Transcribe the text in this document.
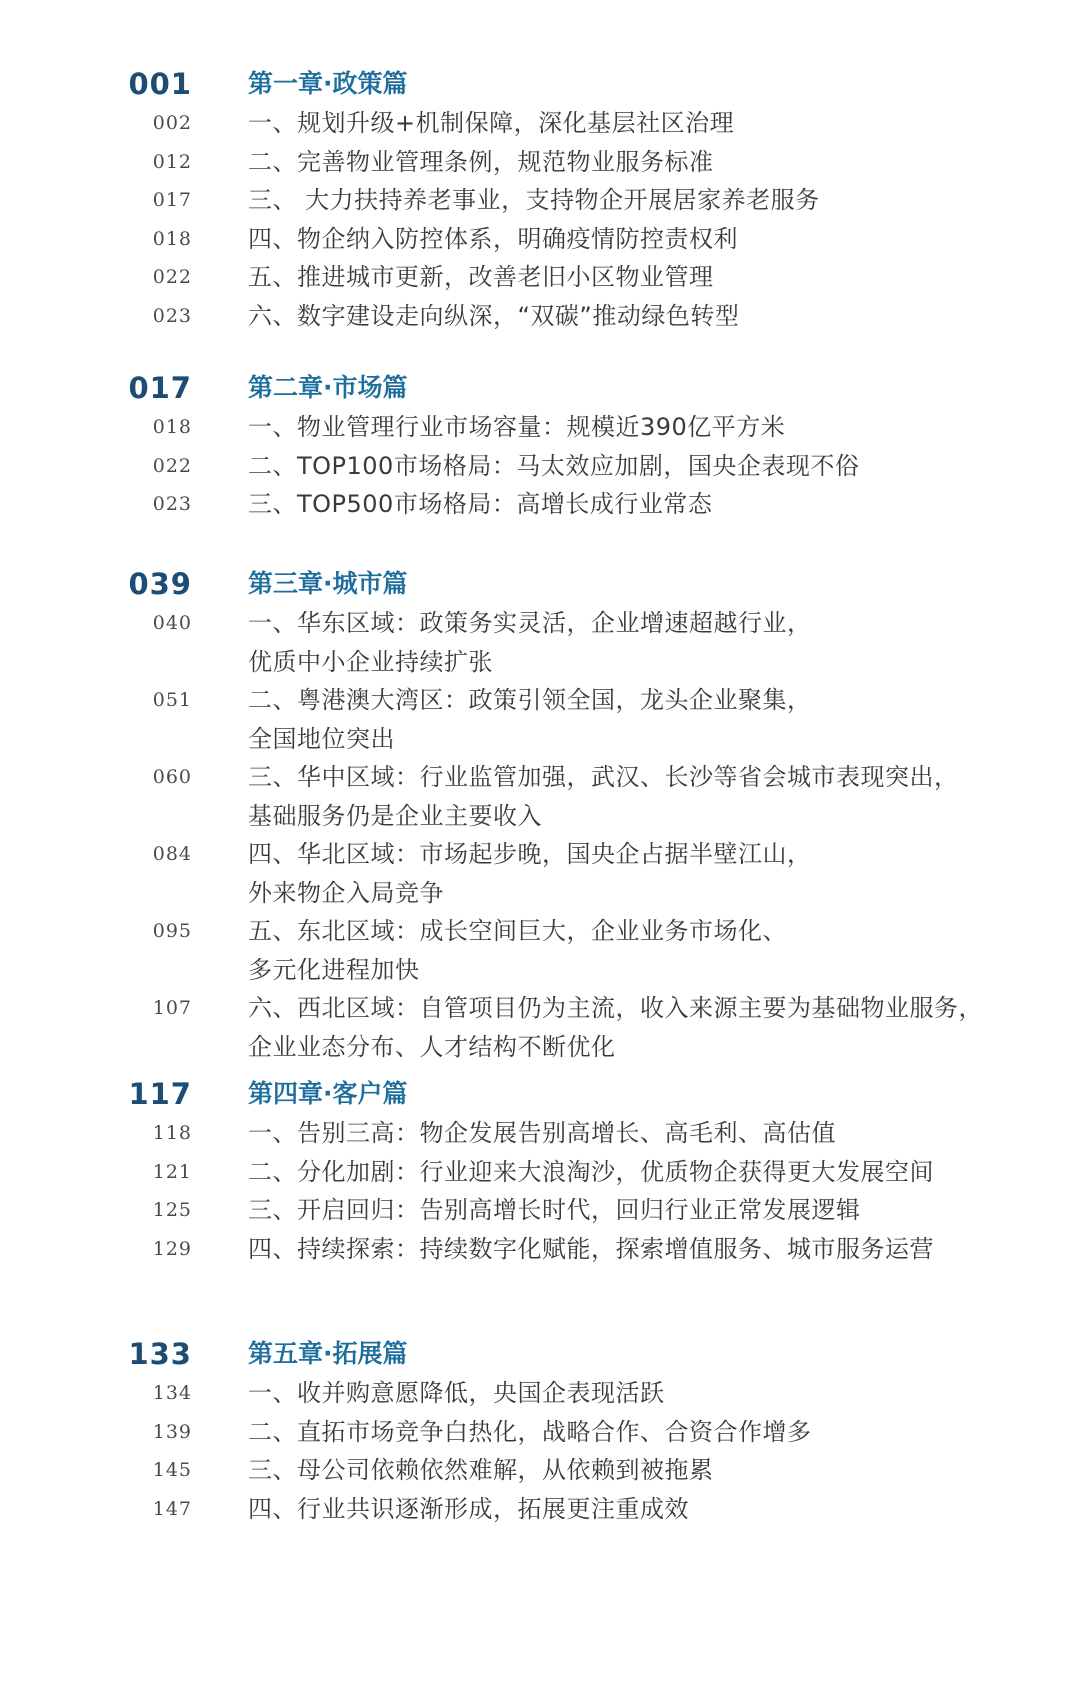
001 第一章·政策篇
002 一、规划升级+机制保障，深化基层社区治理
012 二、完善物业管理条例，规范物业服务标准
017 三、 大力扶持养老事业，支持物企开展居家养老服务
018 四、物企纳入防控体系，明确疫情防控责权利
022 五、推进城市更新，改善老旧小区物业管理
023 六、数字建设走向纵深，“双碳”推动绿色转型
017 第二章·市场篇
018 一、物业管理行业市场容量：规模近390亿平方米
022 二、TOP100市场格局：马太效应加剧，国央企表现不俗
023 三、TOP500市场格局：高增长成行业常态
039 第三章·城市篇
040 一、华东区域：政策务实灵活，企业增速超越行业，
优质中小企业持续扩张
051 二、粤港澳大湾区：政策引领全国，龙头企业聚集，
全国地位突出
060 三、华中区域：行业监管加强，武汉、长沙等省会城市表现突出，
基础服务仍是企业主要收入
084 四、华北区域：市场起步晚，国央企占据半壁江山，
外来物企入局竞争
095 五、东北区域：成长空间巨大，企业业务市场化、
多元化进程加快
107 六、西北区域：自管项目仍为主流，收入来源主要为基础物业服务，
企业业态分布、人才结构不断优化
117 第四章·客户篇
118 一、告别三高：物企发展告别高增长、高毛利、高估值
121 二、分化加剧：行业迎来大浪淘沙，优质物企获得更大发展空间
125 三、开启回归：告别高增长时代，回归行业正常发展逻辑
129 四、持续探索：持续数字化赋能，探索增值服务、城市服务运营
133 第五章·拓展篇
134 一、收并购意愿降低，央国企表现活跃
139 二、直拓市场竞争白热化，战略合作、合资合作增多
145 三、母公司依赖依然难解，从依赖到被拖累
147 四、行业共识逐渐形成，拓展更注重成效
